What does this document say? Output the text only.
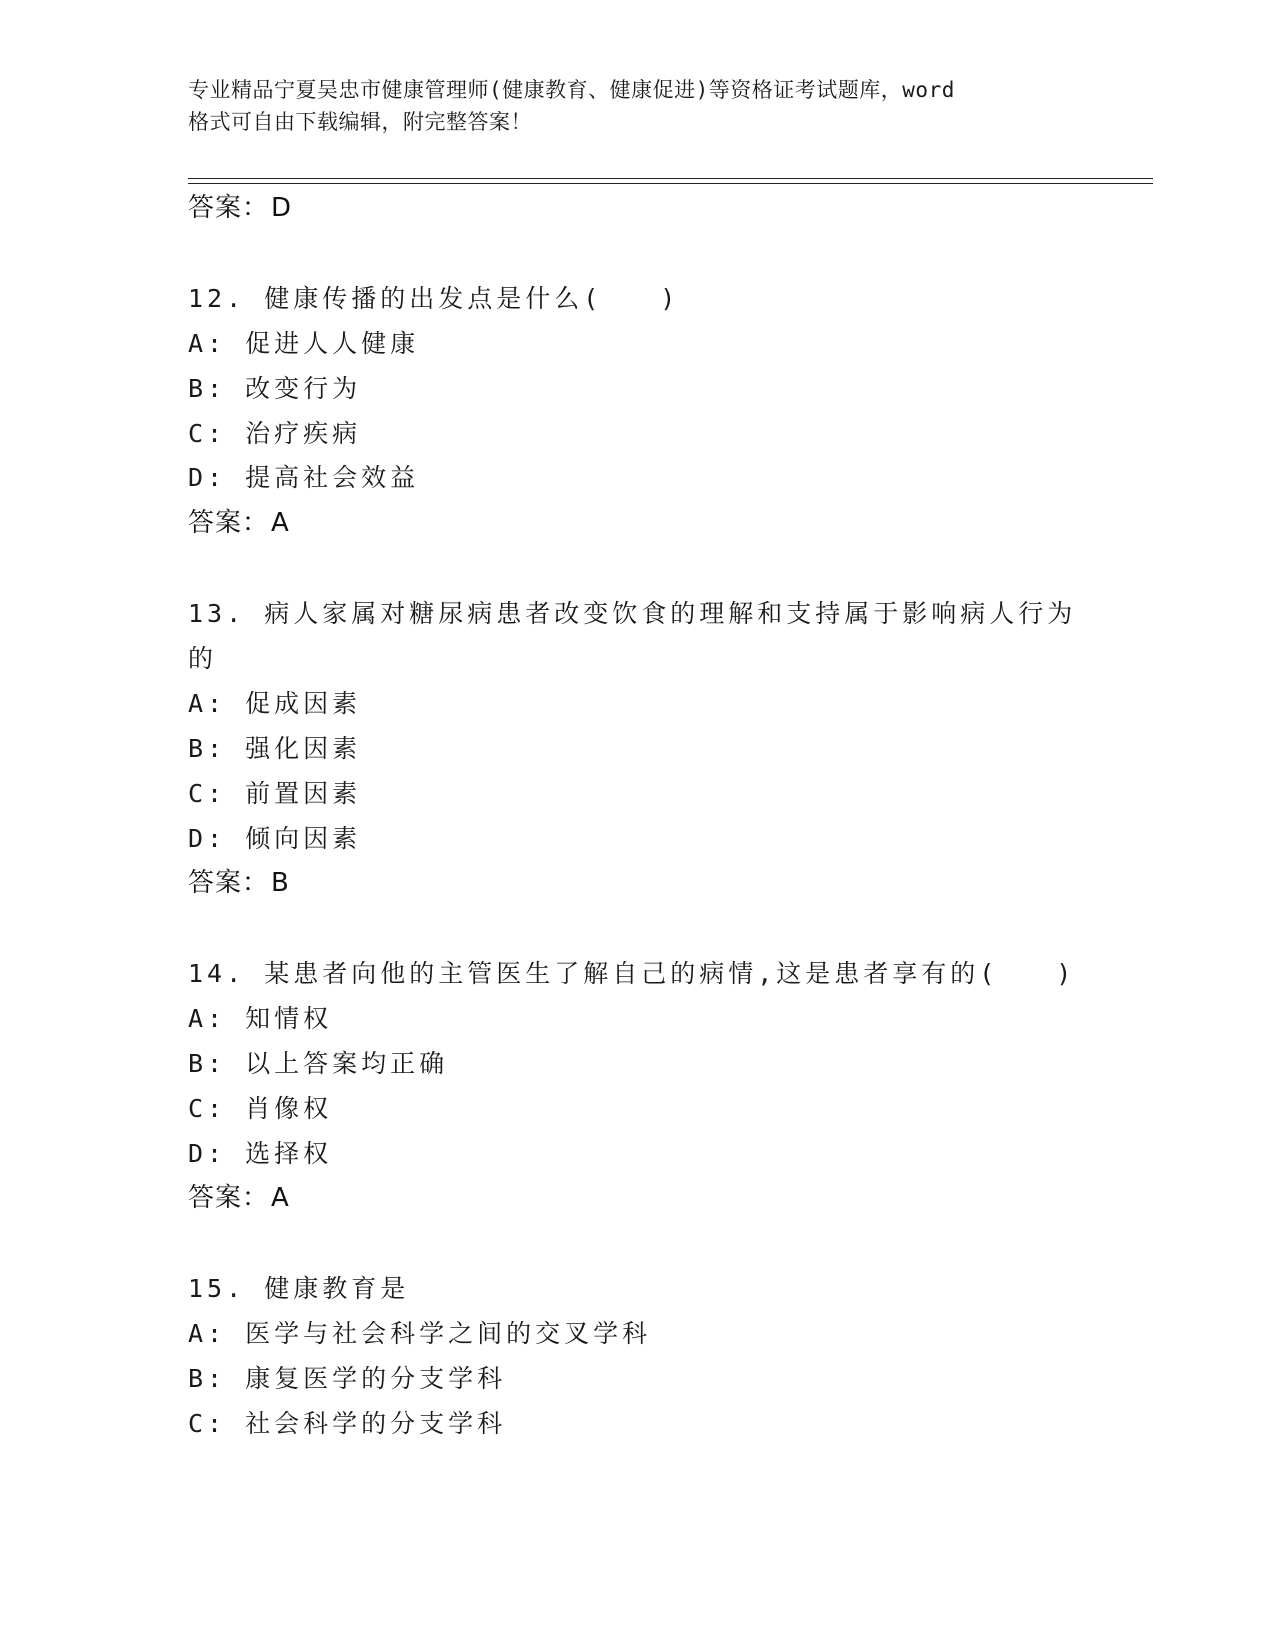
专业精品宁夏吴忠市健康管理师(健康教育、健康促进)等资格证考试题库，word
格式可自由下载编辑，附完整答案！
答案：D
12. 健康传播的出发点是什么(　　)
A: 促进人人健康
B: 改变行为
C: 治疗疾病
D: 提高社会效益
答案：A
13. 病人家属对糖尿病患者改变饮食的理解和支持属于影响病人行为
的
A: 促成因素
B: 强化因素
C: 前置因素
D: 倾向因素
答案：B
14. 某患者向他的主管医生了解自己的病情,这是患者享有的(　　)
A: 知情权
B: 以上答案均正确
C: 肖像权
D: 选择权
答案：A
15. 健康教育是
A: 医学与社会科学之间的交叉学科
B: 康复医学的分支学科
C: 社会科学的分支学科
